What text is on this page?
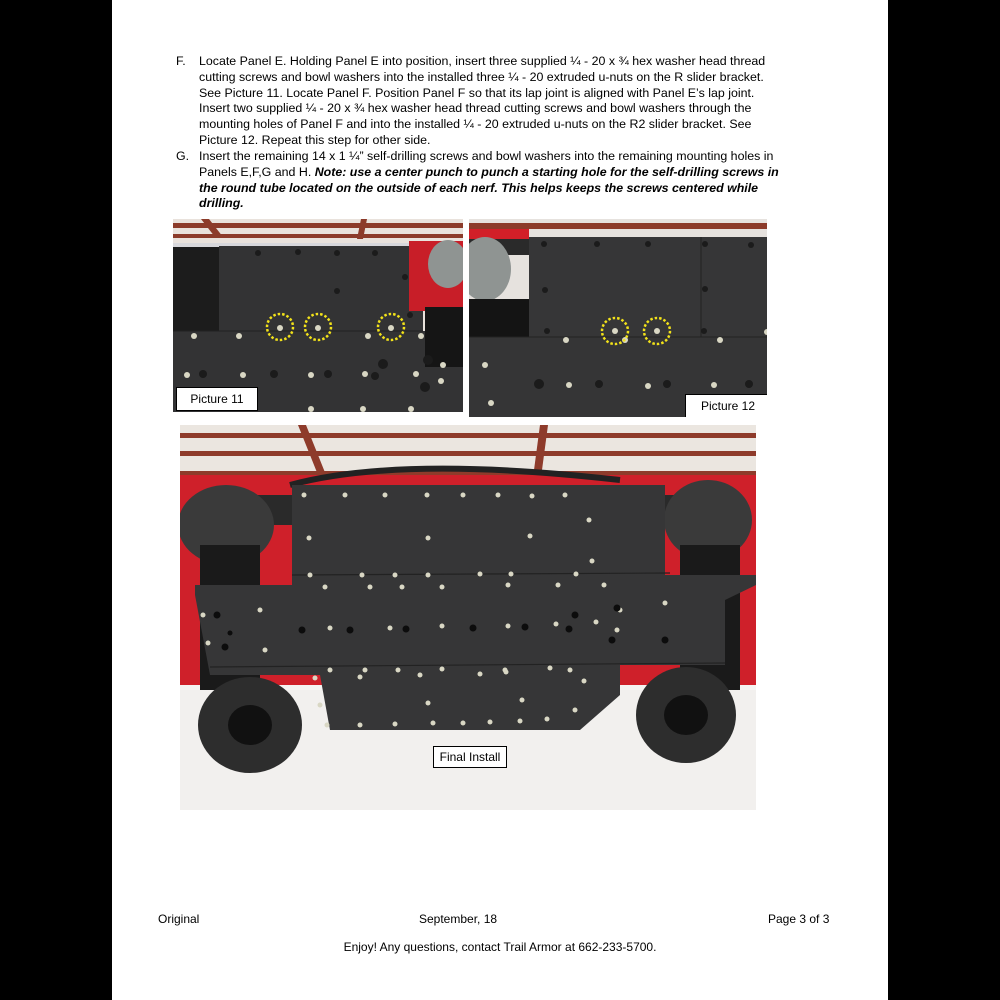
F. Locate Panel E. Holding Panel E into position, insert three supplied ¼ - 20 x ¾ hex washer head thread cutting screws and bowl washers into the installed three ¼ - 20 extruded u-nuts on the R slider bracket. See Picture 11. Locate Panel F. Position Panel F so that its lap joint is aligned with Panel E’s lap joint. Insert two supplied ¼ - 20 x ¾ hex washer head thread cutting screws and bowl washers through the mounting holes of Panel F and into the installed ¼ - 20 extruded u-nuts on the R2 slider bracket. See Picture 12. Repeat this step for other side.
G. Insert the remaining 14 x 1 ¼” self-drilling screws and bowl washers into the remaining mounting holes in Panels E,F,G and H. Note: use a center punch to punch a starting hole for the self-drilling screws in the round tube located on the outside of each nerf. This helps keeps the screws centered while drilling.
Picture 11	Picture 12
Final Install
Original	September, 18	Page 3 of 3
Enjoy! Any questions, contact Trail Armor at 662-233-5700.
